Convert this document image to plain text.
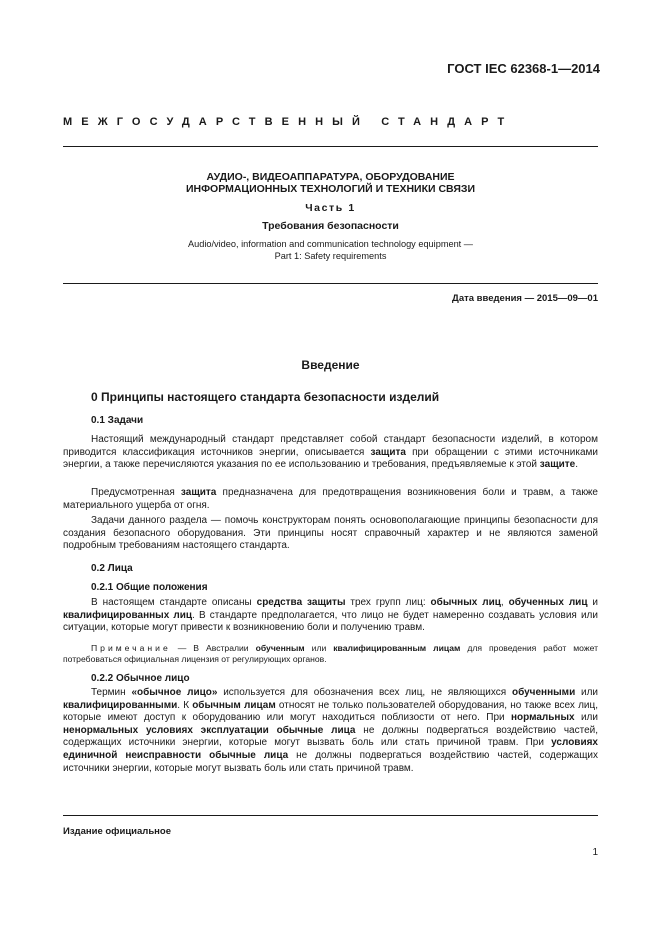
ГОСТ IEC 62368-1—2014
МЕЖГОСУДАРСТВЕННЫЙ СТАНДАРТ
АУДИО-, ВИДЕОАППАРАТУРА, ОБОРУДОВАНИЕ
ИНФОРМАЦИОННЫХ ТЕХНОЛОГИЙ И ТЕХНИКИ СВЯЗИ
Часть 1
Требования безопасности
Audio/video, information and communication technology equipment —
Part 1: Safety requirements
Дата введения — 2015—09—01
Введение
0 Принципы настоящего стандарта безопасности изделий
0.1 Задачи

Настоящий международный стандарт представляет собой стандарт безопасности изделий, в котором приводится классификация источников энергии, описывается защита при обращении с этими источниками энергии, а также перечисляются указания по ее использованию и требования, предъявляемые к этой защите.

Предусмотренная защита предназначена для предотвращения возникновения боли и травм, а также материального ущерба от огня.

Задачи данного раздела — помочь конструкторам понять основополагающие принципы безопасности для создания безопасного оборудования. Эти принципы носят справочный характер и не являются заменой подробным требованиям настоящего стандарта.

0.2 Лица
0.2.1 Общие положения

В настоящем стандарте описаны средства защиты трех групп лиц: обычных лиц, обученных лиц и квалифицированных лиц. В стандарте предполагается, что лицо не будет намеренно создавать условия или ситуации, которые могут привести к возникновению боли и получению травм.

Примечание — В Австралии обученным или квалифицированным лицам для проведения работ может потребоваться официальная лицензия от регулирующих органов.

0.2.2 Обычное лицо

Термин «обычное лицо» используется для обозначения всех лиц, не являющихся обученными или квалифицированными. К обычным лицам относят не только пользователей оборудования, но также всех лиц, которые имеют доступ к оборудованию или могут находиться поблизости от него. При нормальных или ненормальных условиях эксплуатации обычные лица не должны подвергаться воздействию частей, содержащих источники энергии, которые могут вызвать боль или стать причиной травм. При условиях единичной неисправности обычные лица не должны подвергаться воздействию частей, содержащих источники энергии, которые могут вызвать боль или стать причиной травм.

Издание официальное
1
